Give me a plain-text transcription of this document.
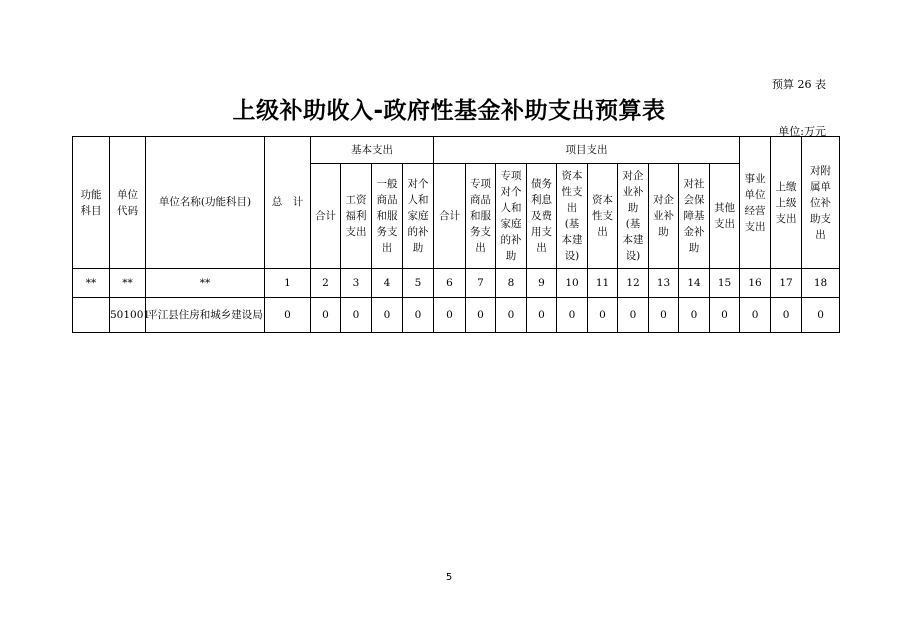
预算 26 表
上级补助收入-政府性基金补助支出预算表
单位:万元
功能科目	单位代码	单位名称(功能科目)	总　计	基本支出				项目支出										事业单位经营支出	上缴上级支出	对附属单位补助支出
				合计	工资福利支出	一般商品和服务支出	对个人和家庭的补助	合计	专项商品和服务支出	专项对个人和家庭的补助	债务利息及费用支出	资本性支出(基本建设)	资本性支出	对企业补助(基本建设)	对企业补助	对社会保障基金补助	其他支出			
**	**	**	1	2	3	4	5	6	7	8	9	10	11	12	13	14	15	16	17	18
	501001	平江县住房和城乡建设局	0	0	0	0	0	0	0	0	0	0	0	0	0	0	0	0	0	0
5
